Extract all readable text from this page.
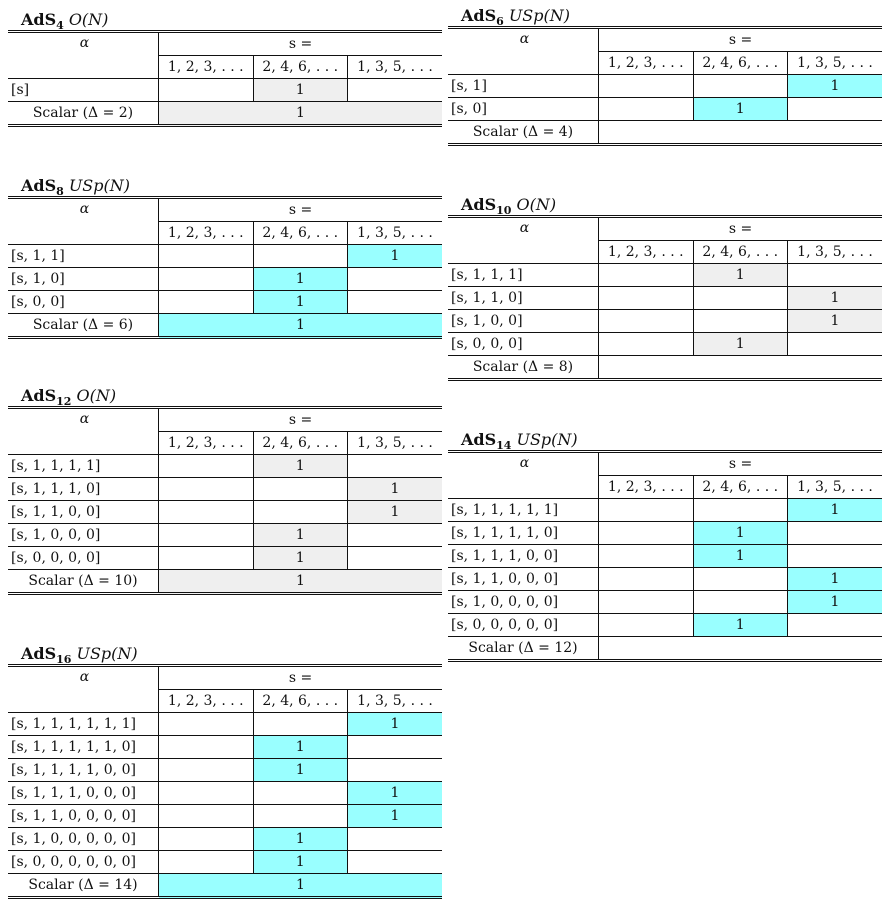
AdS$_4$ O(N)
α	s =		
	1, 2, 3, . . .	2, 4, 6, . . .	1, 3, 5, . . .
[s]		1	
Scalar (Δ = 2)	1		
AdS$_6$ USp(N)
α	s =		
	1, 2, 3, . . .	2, 4, 6, . . .	1, 3, 5, . . .
[s, 1]			1
[s, 0]		1	
Scalar (Δ = 4)			
AdS$_8$ USp(N)
α	s =		
	1, 2, 3, . . .	2, 4, 6, . . .	1, 3, 5, . . .
[s, 1, 1]			1
[s, 1, 0]		1	
[s, 0, 0]		1	
Scalar (Δ = 6)	1		
AdS$_{10}$ O(N)
α	s =		
	1, 2, 3, . . .	2, 4, 6, . . .	1, 3, 5, . . .
[s, 1, 1, 1]		1	
[s, 1, 1, 0]			1
[s, 1, 0, 0]			1
[s, 0, 0, 0]		1	
Scalar (Δ = 8)			
AdS$_{12}$ O(N)
α	s =		
	1, 2, 3, . . .	2, 4, 6, . . .	1, 3, 5, . . .
[s, 1, 1, 1, 1]		1	
[s, 1, 1, 1, 0]			1
[s, 1, 1, 0, 0]			1
[s, 1, 0, 0, 0]		1	
[s, 0, 0, 0, 0]		1	
Scalar (Δ = 10)	1		
AdS$_{14}$ USp(N)
α	s =		
	1, 2, 3, . . .	2, 4, 6, . . .	1, 3, 5, . . .
[s, 1, 1, 1, 1, 1]			1
[s, 1, 1, 1, 1, 0]		1	
[s, 1, 1, 1, 0, 0]		1	
[s, 1, 1, 0, 0, 0]			1
[s, 1, 0, 0, 0, 0]			1
[s, 0, 0, 0, 0, 0]		1	
Scalar (Δ = 12)			
AdS$_{16}$ USp(N)
α	s =		
	1, 2, 3, . . .	2, 4, 6, . . .	1, 3, 5, . . .
[s, 1, 1, 1, 1, 1, 1]			1
[s, 1, 1, 1, 1, 1, 0]		1	
[s, 1, 1, 1, 1, 0, 0]		1	
[s, 1, 1, 1, 0, 0, 0]			1
[s, 1, 1, 0, 0, 0, 0]			1
[s, 1, 0, 0, 0, 0, 0]		1	
[s, 0, 0, 0, 0, 0, 0]		1	
Scalar (Δ = 14)	1		
